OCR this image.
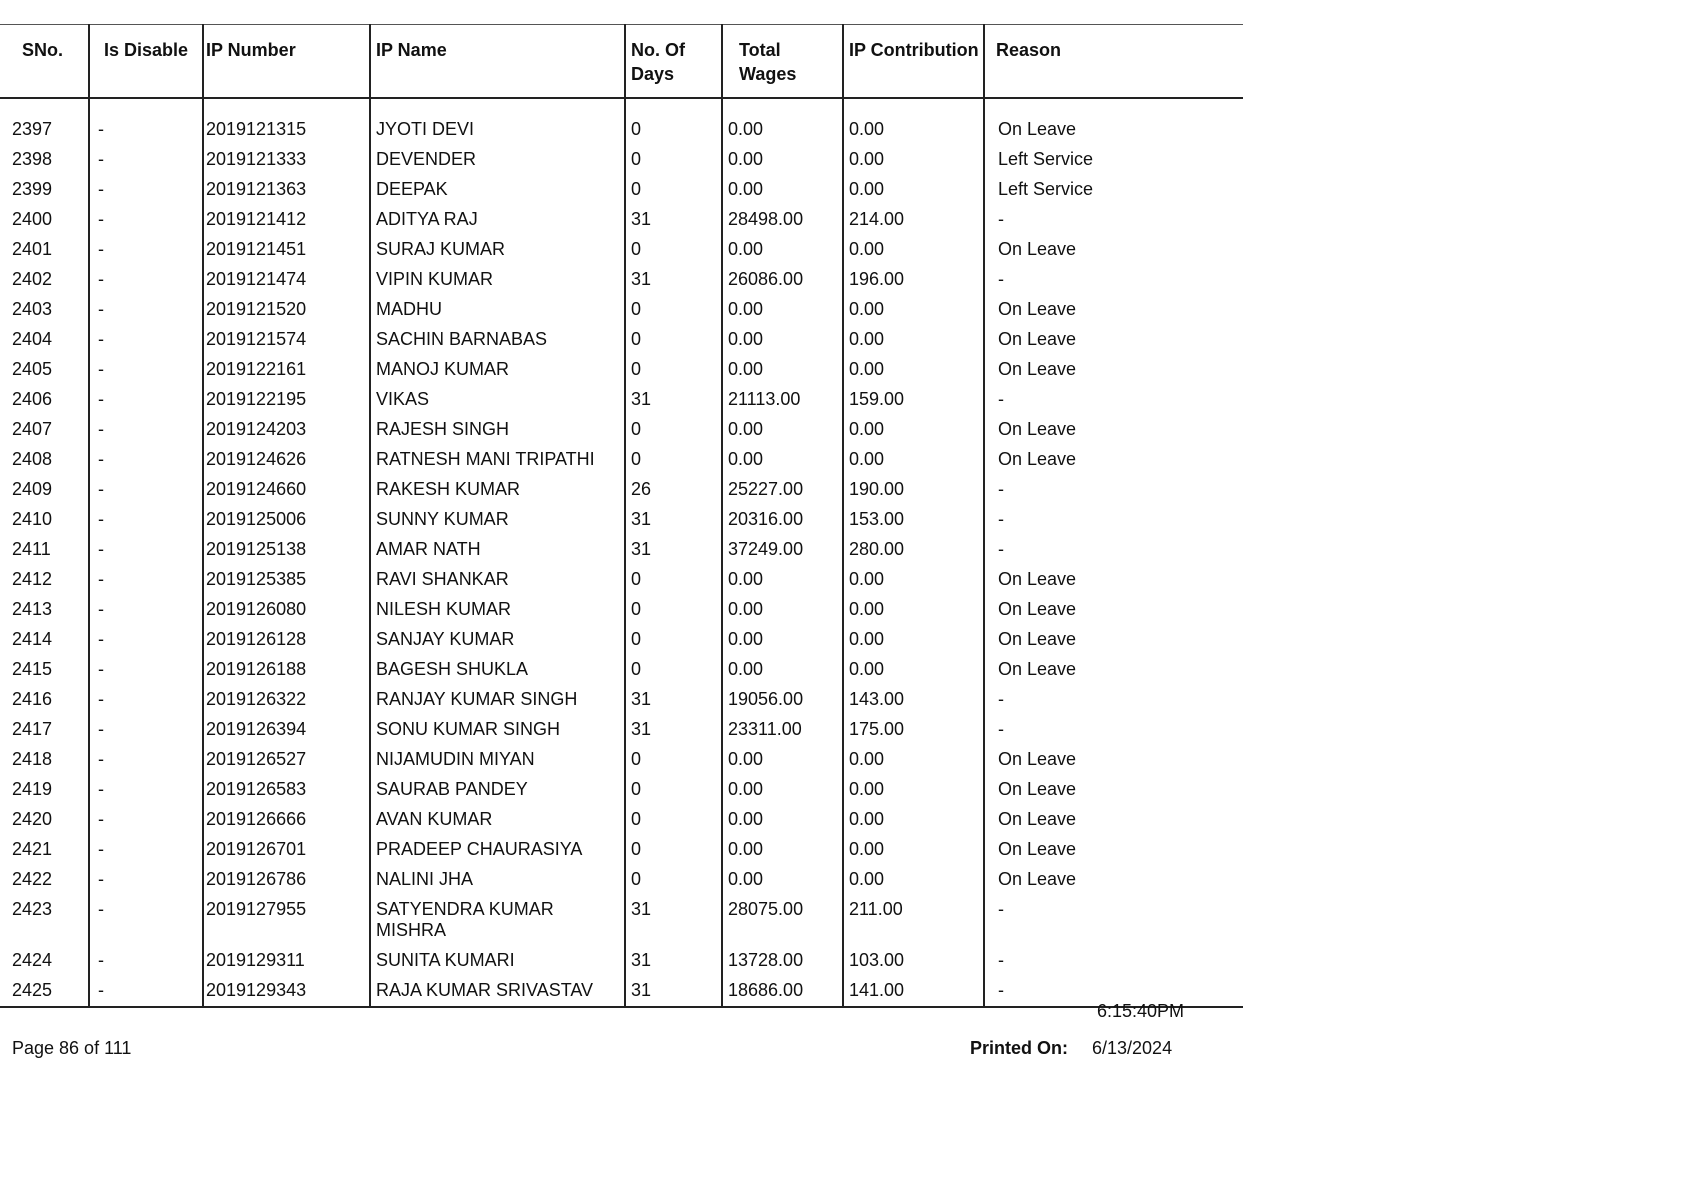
SNo.	Is Disable	IP Number	IP Name	No. Of Days	Total Wages	IP Contribution	Reason

2397	-	2019121315	JYOTI DEVI	0	0.00	0.00	On Leave
2398	-	2019121333	DEVENDER	0	0.00	0.00	Left Service
2399	-	2019121363	DEEPAK	0	0.00	0.00	Left Service
2400	-	2019121412	ADITYA RAJ	31	28498.00	214.00	-
2401	-	2019121451	SURAJ KUMAR	0	0.00	0.00	On Leave
2402	-	2019121474	VIPIN KUMAR	31	26086.00	196.00	-
2403	-	2019121520	MADHU	0	0.00	0.00	On Leave
2404	-	2019121574	SACHIN BARNABAS	0	0.00	0.00	On Leave
2405	-	2019122161	MANOJ KUMAR	0	0.00	0.00	On Leave
2406	-	2019122195	VIKAS	31	21113.00	159.00	-
2407	-	2019124203	RAJESH SINGH	0	0.00	0.00	On Leave
2408	-	2019124626	RATNESH MANI TRIPATHI	0	0.00	0.00	On Leave
2409	-	2019124660	RAKESH KUMAR	26	25227.00	190.00	-
2410	-	2019125006	SUNNY KUMAR	31	20316.00	153.00	-
2411	-	2019125138	AMAR NATH	31	37249.00	280.00	-
2412	-	2019125385	RAVI SHANKAR	0	0.00	0.00	On Leave
2413	-	2019126080	NILESH KUMAR	0	0.00	0.00	On Leave
2414	-	2019126128	SANJAY KUMAR	0	0.00	0.00	On Leave
2415	-	2019126188	BAGESH SHUKLA	0	0.00	0.00	On Leave
2416	-	2019126322	RANJAY KUMAR SINGH	31	19056.00	143.00	-
2417	-	2019126394	SONU KUMAR SINGH	31	23311.00	175.00	-
2418	-	2019126527	NIJAMUDIN MIYAN	0	0.00	0.00	On Leave
2419	-	2019126583	SAURAB PANDEY	0	0.00	0.00	On Leave
2420	-	2019126666	AVAN KUMAR	0	0.00	0.00	On Leave
2421	-	2019126701	PRADEEP CHAURASIYA	0	0.00	0.00	On Leave
2422	-	2019126786	NALINI JHA	0	0.00	0.00	On Leave
2423	-	2019127955	SATYENDRA KUMAR MISHRA	31	28075.00	211.00	-
2424	-	2019129311	SUNITA KUMARI	31	13728.00	103.00	-
2425	-	2019129343	RAJA KUMAR SRIVASTAV	31	18686.00	141.00	-
6:15:40PM
Page 86 of 111	Printed On: 6/13/2024
